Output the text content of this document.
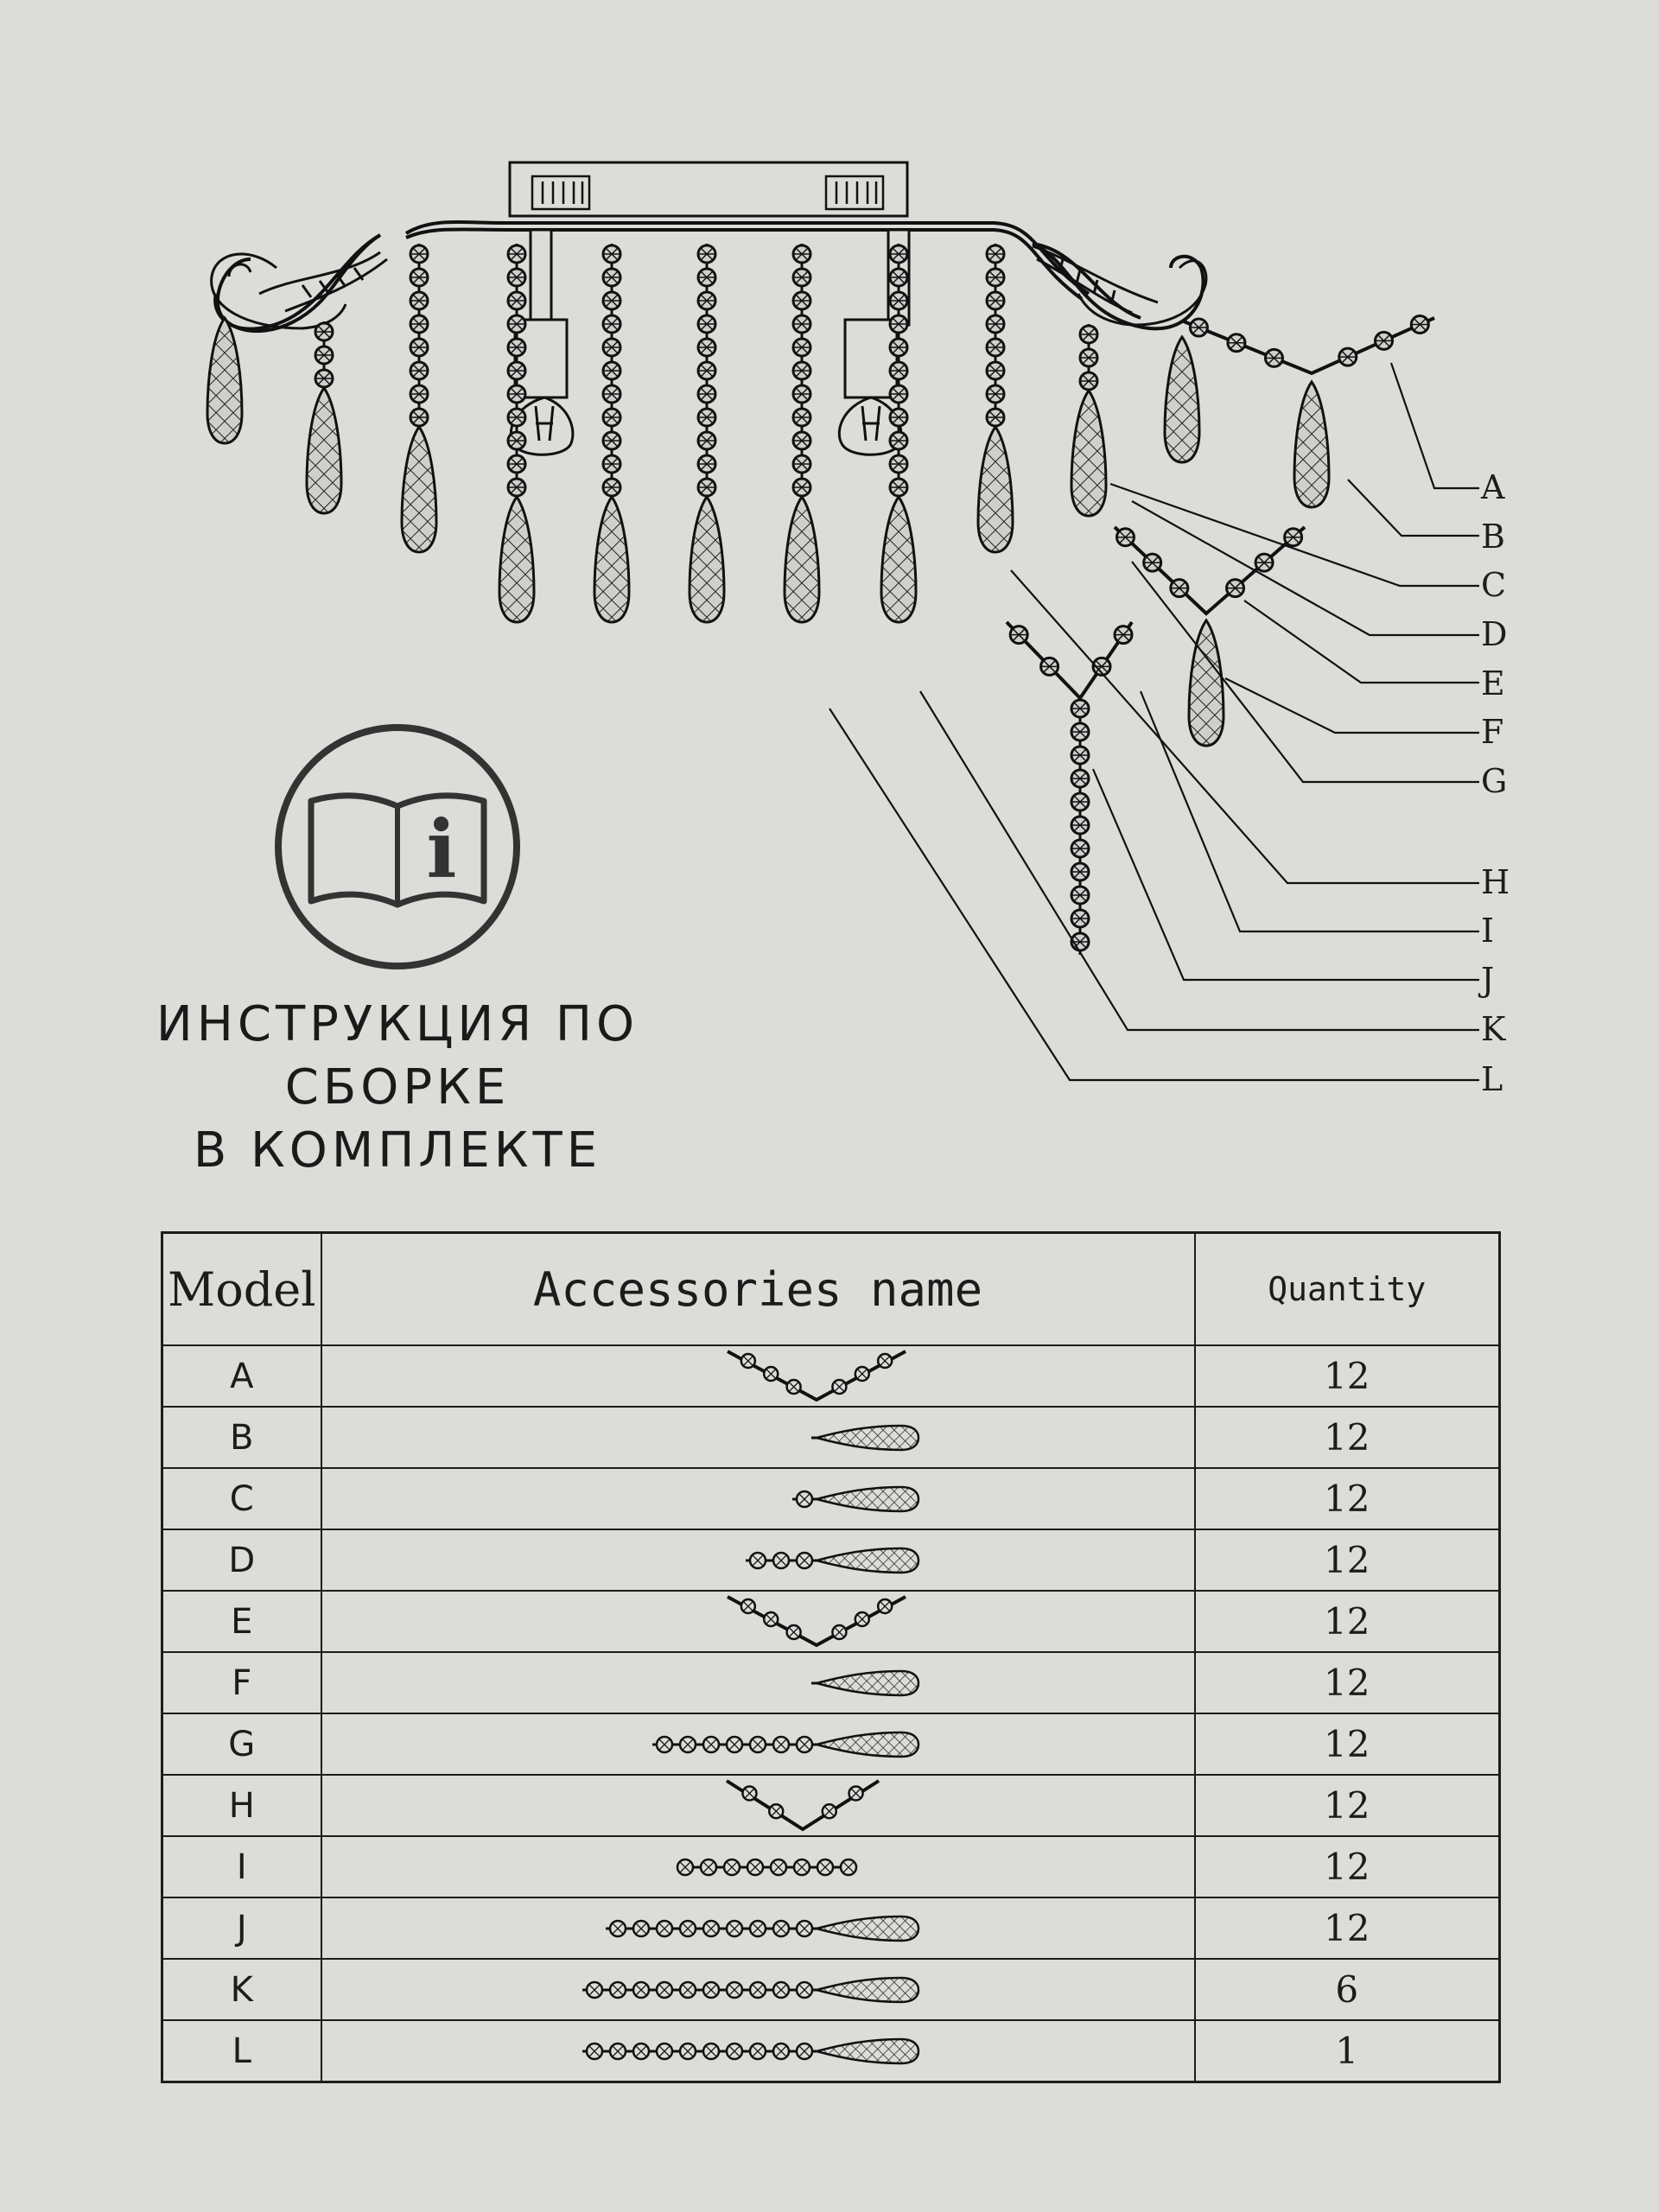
A
B
C
D
E
F
G
H
I
J
K
L
i
ИНСТРУКЦИЯ ПО
СБОРКЕ
В КОМПЛЕКТЕ
Model	Accessories name	Quantity
A		12
B		12
C		12
D		12
E		12
F		12
G		12
H		12
I		12
J		12
K		6
L		1
